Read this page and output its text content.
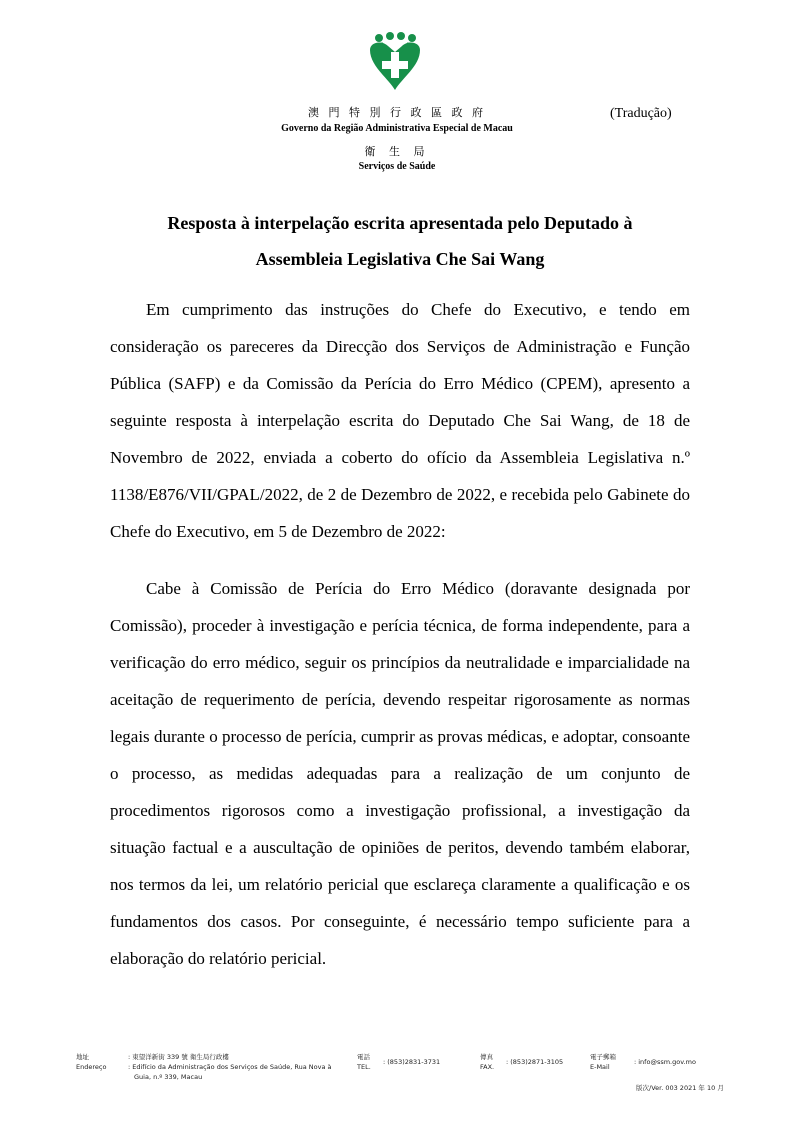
澳 門 特 別 行 政 區 政 府
Governo da Região Administrativa Especial de Macau
衛 生 局
Serviços de Saúde
(Tradução)
Resposta à interpelação escrita apresentada pelo Deputado à
Assembleia Legislativa Che Sai Wang

Em cumprimento das instruções do Chefe do Executivo, e tendo em consideração os pareceres da Direcção dos Serviços de Administração e Função Pública (SAFP) e da Comissão da Perícia do Erro Médico (CPEM), apresento a seguinte resposta à interpelação escrita do Deputado Che Sai Wang, de 18 de Novembro de 2022, enviada a coberto do ofício da Assembleia Legislativa n.º 1138/E876/VII/GPAL/2022, de 2 de Dezembro de 2022, e recebida pelo Gabinete do Chefe do Executivo, em 5 de Dezembro de 2022:

Cabe à Comissão de Perícia do Erro Médico (doravante designada por Comissão), proceder à investigação e perícia técnica, de forma independente, para a verificação do erro médico, seguir os princípios da neutralidade e imparcialidade na aceitação de requerimento de perícia, devendo respeitar rigorosamente as normas legais durante o processo de perícia, cumprir as provas médicas, e adoptar, consoante o processo, as medidas adequadas para a realização de um conjunto de procedimentos rigorosos como a investigação profissional, a investigação da situação factual e a auscultação de opiniões de peritos, devendo também elaborar, nos termos da lei, um relatório pericial que esclareça claramente a qualificação e os fundamentos dos casos. Por conseguinte, é necessário tempo suficiente para a elaboração do relatório pericial.

地址
Endereço
: 東望洋新街 339 號 衛生局行政樓
: Edifício da Administração dos Serviços de Saúde, Rua Nova à
Guia, n.º 339, Macau
電話
TEL.
: (853)2831-3731
傳真
FAX.
: (853)2871-3105
電子郵箱
E-Mail
: info@ssm.gov.mo
版次/Ver. 003 2021 年 10 月
